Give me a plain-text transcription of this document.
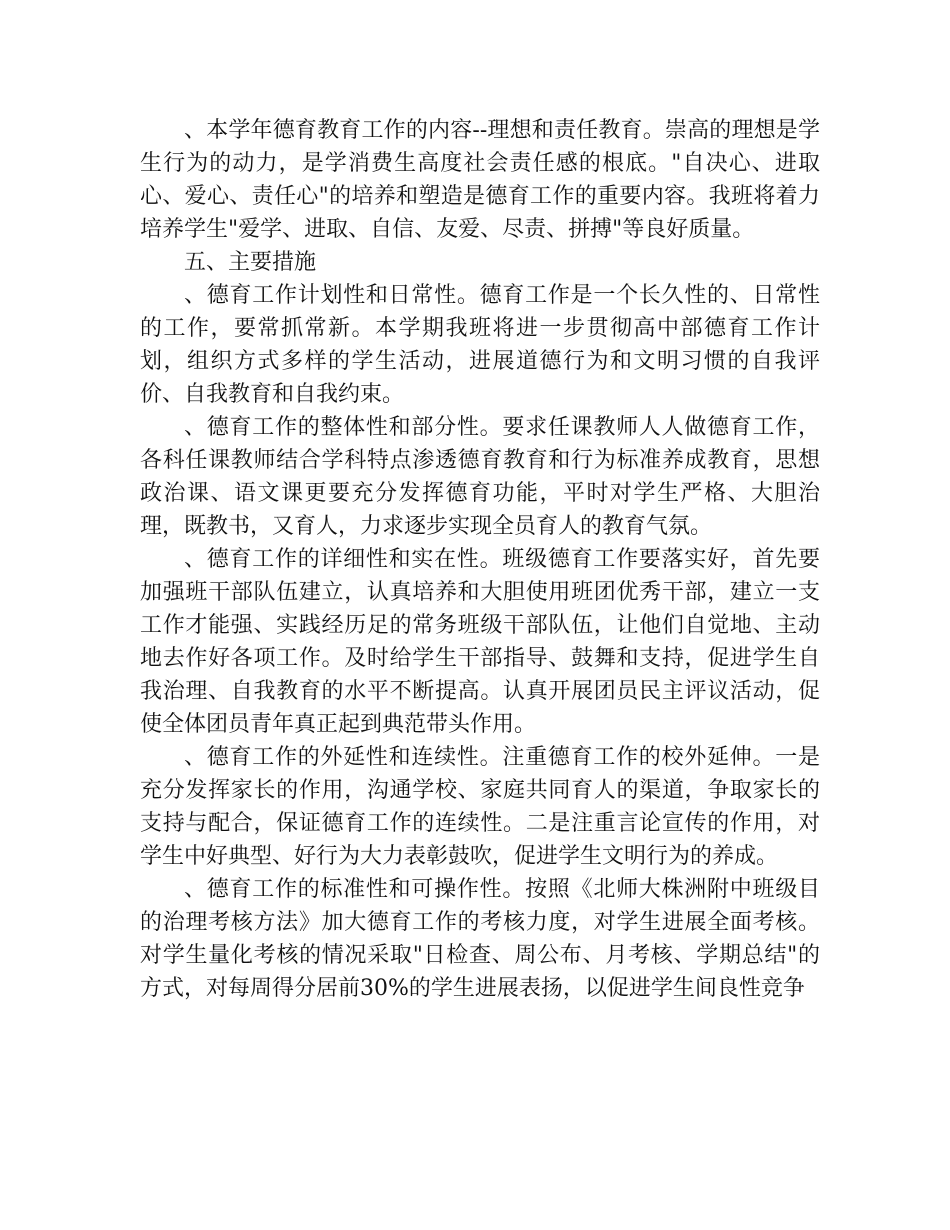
、本学年德育教育工作的内容--理想和责任教育。崇高的理想是学生行为的动力，是学消费生高度社会责任感的根底。"自决心、进取心、爱心、责任心"的培养和塑造是德育工作的重要内容。我班将着力培养学生"爱学、进取、自信、友爱、尽责、拼搏"等良好质量。

五、主要措施

、德育工作计划性和日常性。德育工作是一个长久性的、日常性的工作，要常抓常新。本学期我班将进一步贯彻高中部德育工作计划，组织方式多样的学生活动，进展道德行为和文明习惯的自我评价、自我教育和自我约束。

、德育工作的整体性和部分性。要求任课教师人人做德育工作，各科任课教师结合学科特点渗透德育教育和行为标准养成教育，思想政治课、语文课更要充分发挥德育功能，平时对学生严格、大胆治理，既教书，又育人，力求逐步实现全员育人的教育气氛。

、德育工作的详细性和实在性。班级德育工作要落实好，首先要加强班干部队伍建立，认真培养和大胆使用班团优秀干部，建立一支工作才能强、实践经历足的常务班级干部队伍，让他们自觉地、主动地去作好各项工作。及时给学生干部指导、鼓舞和支持，促进学生自我治理、自我教育的水平不断提高。认真开展团员民主评议活动，促使全体团员青年真正起到典范带头作用。

、德育工作的外延性和连续性。注重德育工作的校外延伸。一是充分发挥家长的作用，沟通学校、家庭共同育人的渠道，争取家长的支持与配合，保证德育工作的连续性。二是注重言论宣传的作用，对学生中好典型、好行为大力表彰鼓吹，促进学生文明行为的养成。

、德育工作的标准性和可操作性。按照《北师大株洲附中班级目的治理考核方法》加大德育工作的考核力度，对学生进展全面考核。对学生量化考核的情况采取"日检查、周公布、月考核、学期总结"的方式，对每周得分居前30%的学生进展表扬，以促进学生间良性竞争
